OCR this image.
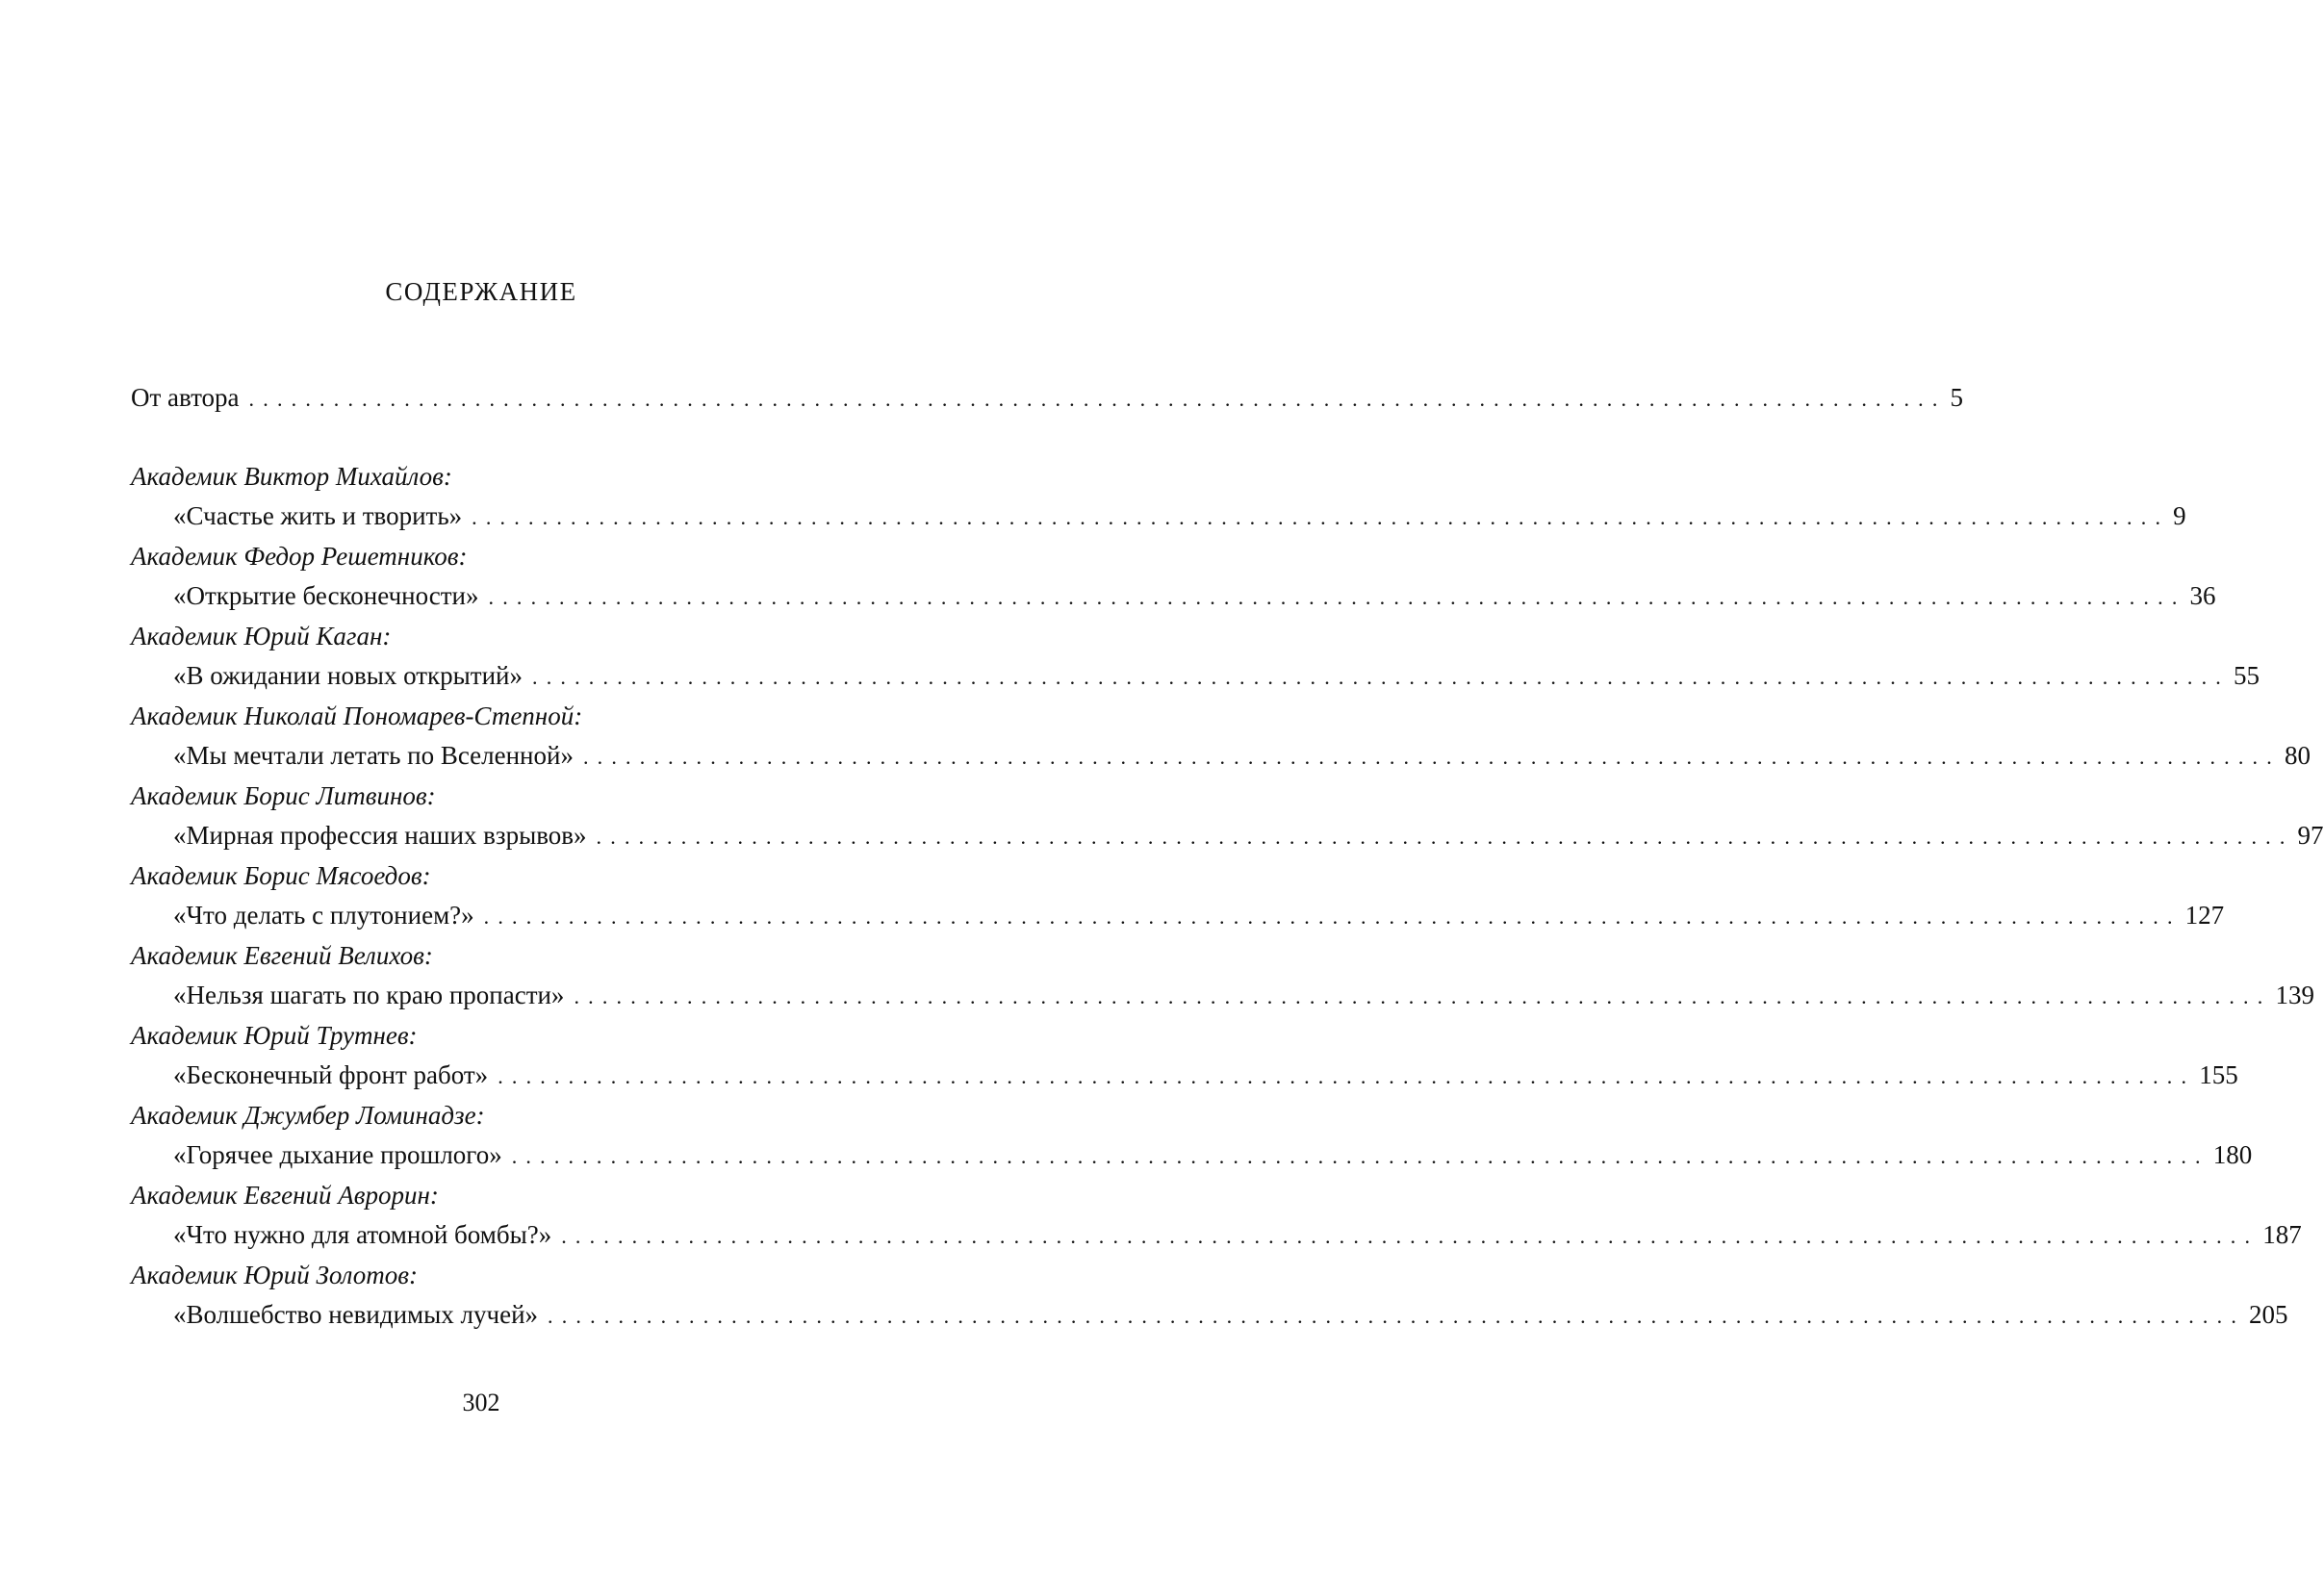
СОДЕРЖАНИЕ
От автора ........................................................................................................................ 5
Академик Виктор Михайлов:
«Счастье жить и творить» ........................................................................................................................ 9
Академик Федор Решетников:
«Открытие бесконечности» ........................................................................................................................ 36
Академик Юрий Каган:
«В ожидании новых открытий» ........................................................................................................................ 55
Академик Николай Пономарев-Степной:
«Мы мечтали летать по Вселенной» ........................................................................................................................ 80
Академик Борис Литвинов:
«Мирная профессия наших взрывов» ........................................................................................................................ 97
Академик Борис Мясоедов:
«Что делать с плутонием?» ........................................................................................................................ 127
Академик Евгений Велихов:
«Нельзя шагать по краю пропасти» ........................................................................................................................ 139
Академик Юрий Трутнев:
«Бесконечный фронт работ» ........................................................................................................................ 155
Академик Джумбер Ломинадзе:
«Горячее дыхание прошлого» ........................................................................................................................ 180
Академик Евгений Аврорин:
«Что нужно для атомной бомбы?» ........................................................................................................................ 187
Академик Юрий Золотов:
«Волшебство невидимых лучей» ........................................................................................................................ 205
302
